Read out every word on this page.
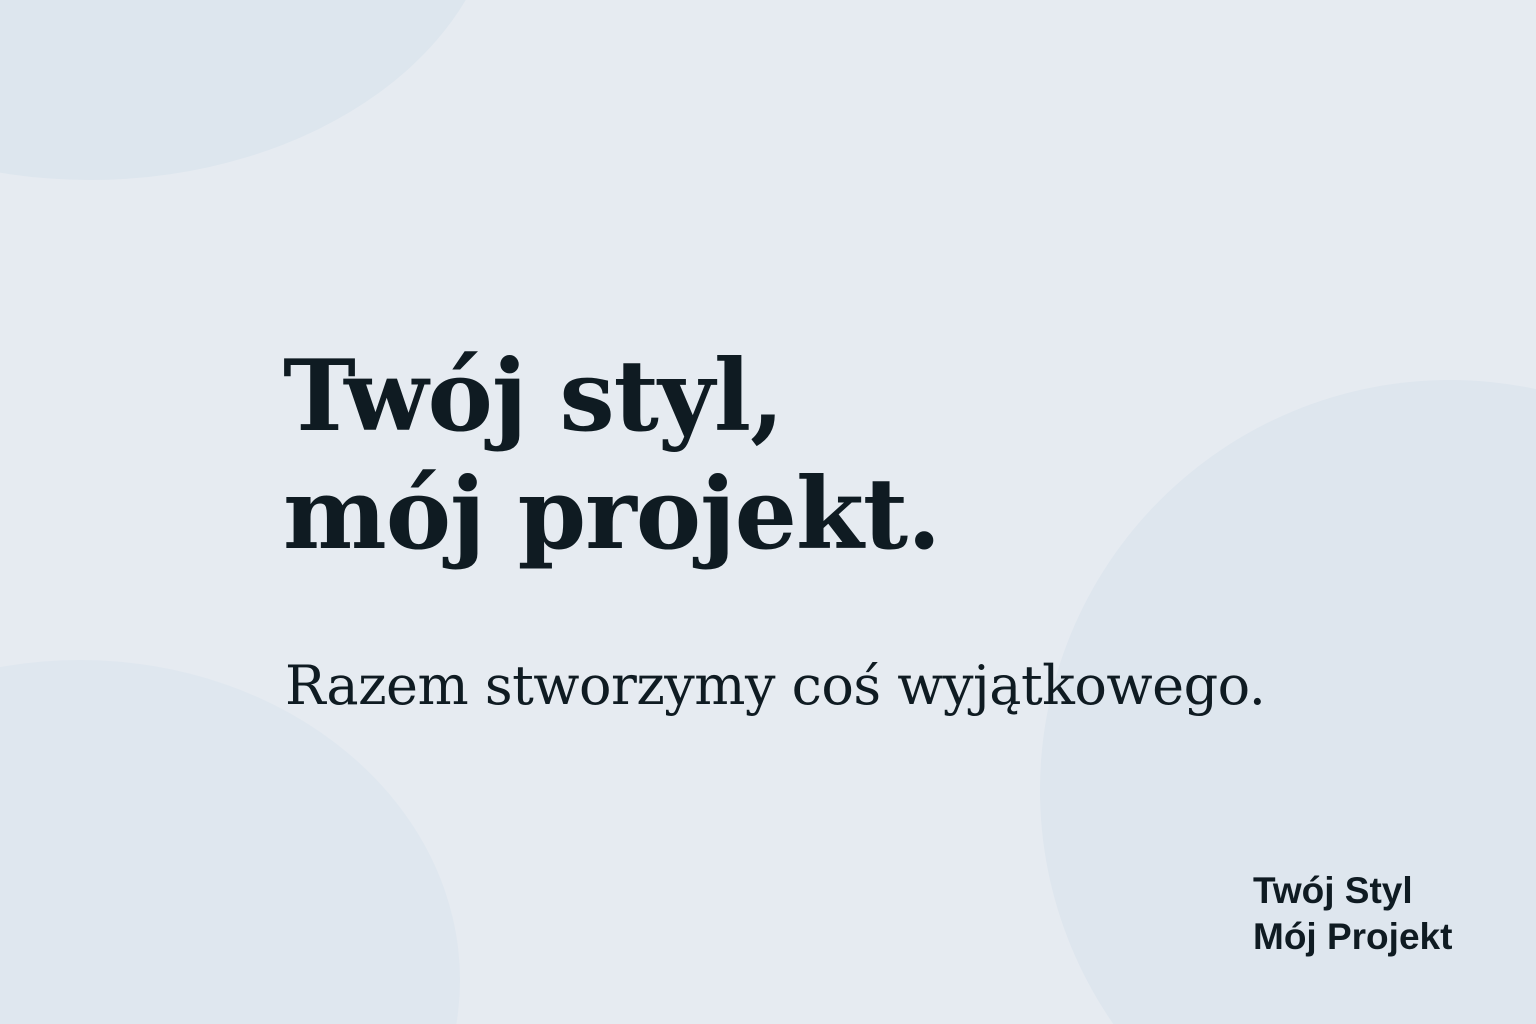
Twój styl,
mój projekt.

Razem stworzymy coś wyjątkowego.

Twój Styl
Mój Projekt
